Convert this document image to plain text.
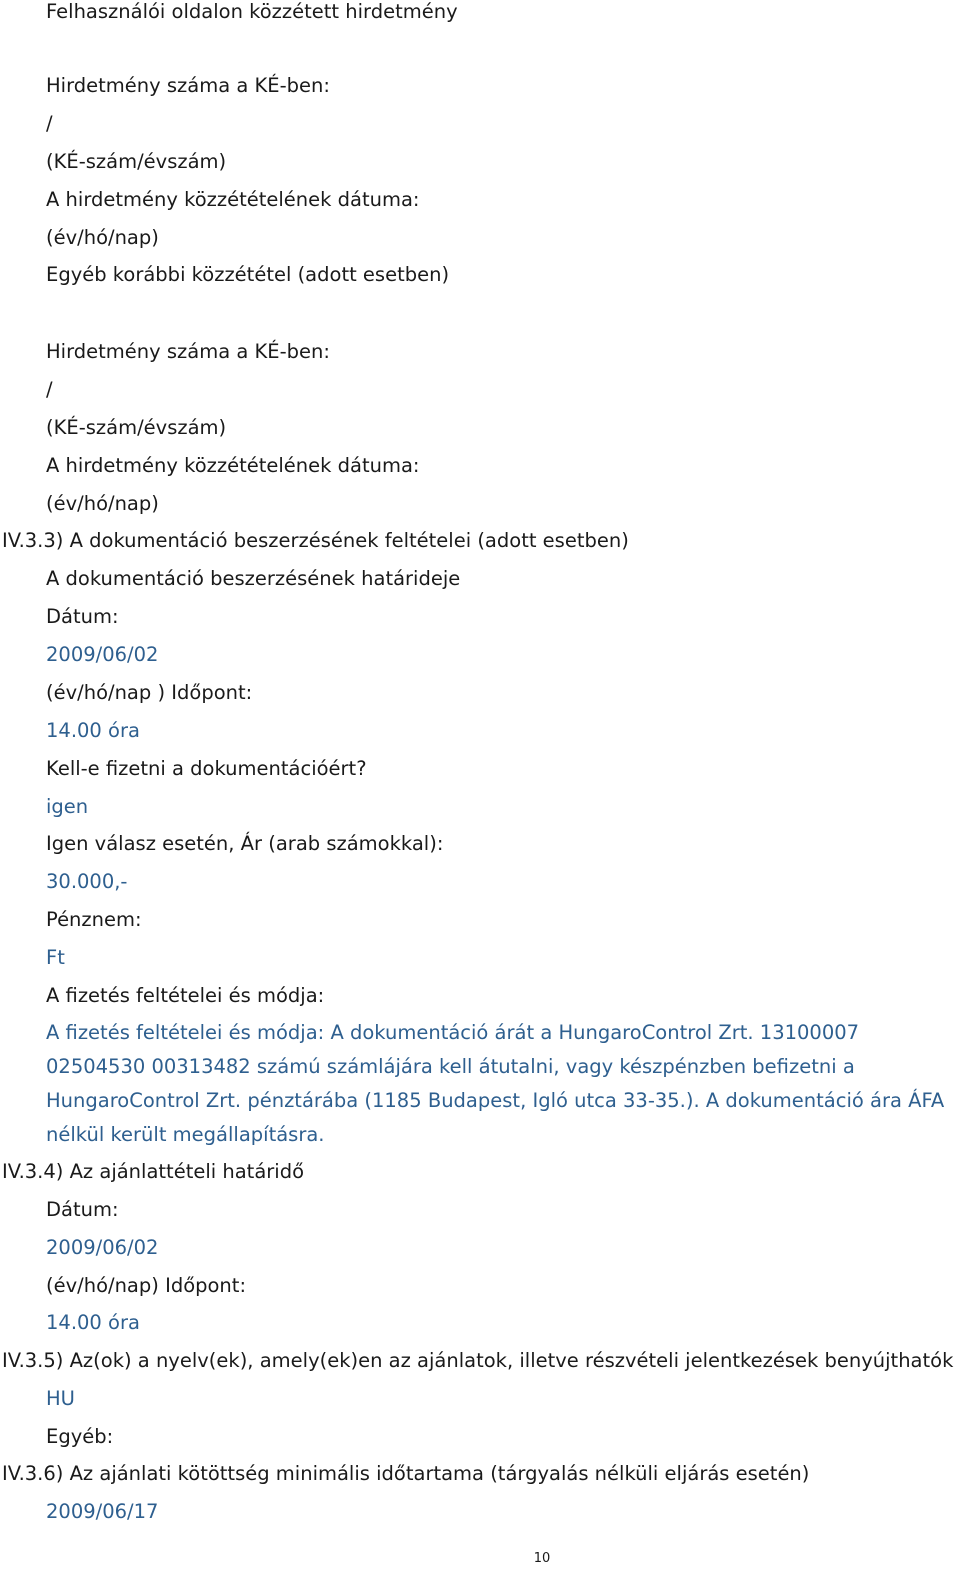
Felhasználói oldalon közzétett hirdetmény
Hirdetmény száma a KÉ-ben:
/
(KÉ-szám/évszám)
A hirdetmény közzétételének dátuma:
(év/hó/nap)
Egyéb korábbi közzététel (adott esetben)
Hirdetmény száma a KÉ-ben:
/
(KÉ-szám/évszám)
A hirdetmény közzétételének dátuma:
(év/hó/nap)
IV.3.3) A dokumentáció beszerzésének feltételei (adott esetben)
A dokumentáció beszerzésének határideje
Dátum:
2009/06/02
(év/hó/nap ) Időpont:
14.00 óra
Kell-e fizetni a dokumentációért?
igen
Igen válasz esetén, Ár (arab számokkal):
30.000,-
Pénznem:
Ft
A fizetés feltételei és módja:
A fizetés feltételei és módja: A dokumentáció árát a HungaroControl Zrt. 13100007 02504530 00313482 számú számlájára kell átutalni, vagy készpénzben befizetni a HungaroControl Zrt. pénztárába (1185 Budapest, Igló utca 33-35.). A dokumentáció ára ÁFA nélkül került megállapításra.
IV.3.4) Az ajánlattételi határidő
Dátum:
2009/06/02
(év/hó/nap) Időpont:
14.00 óra
IV.3.5) Az(ok) a nyelv(ek), amely(ek)en az ajánlatok, illetve részvételi jelentkezések benyújthatók
HU
Egyéb:
IV.3.6) Az ajánlati kötöttség minimális időtartama (tárgyalás nélküli eljárás esetén)
2009/06/17
10
